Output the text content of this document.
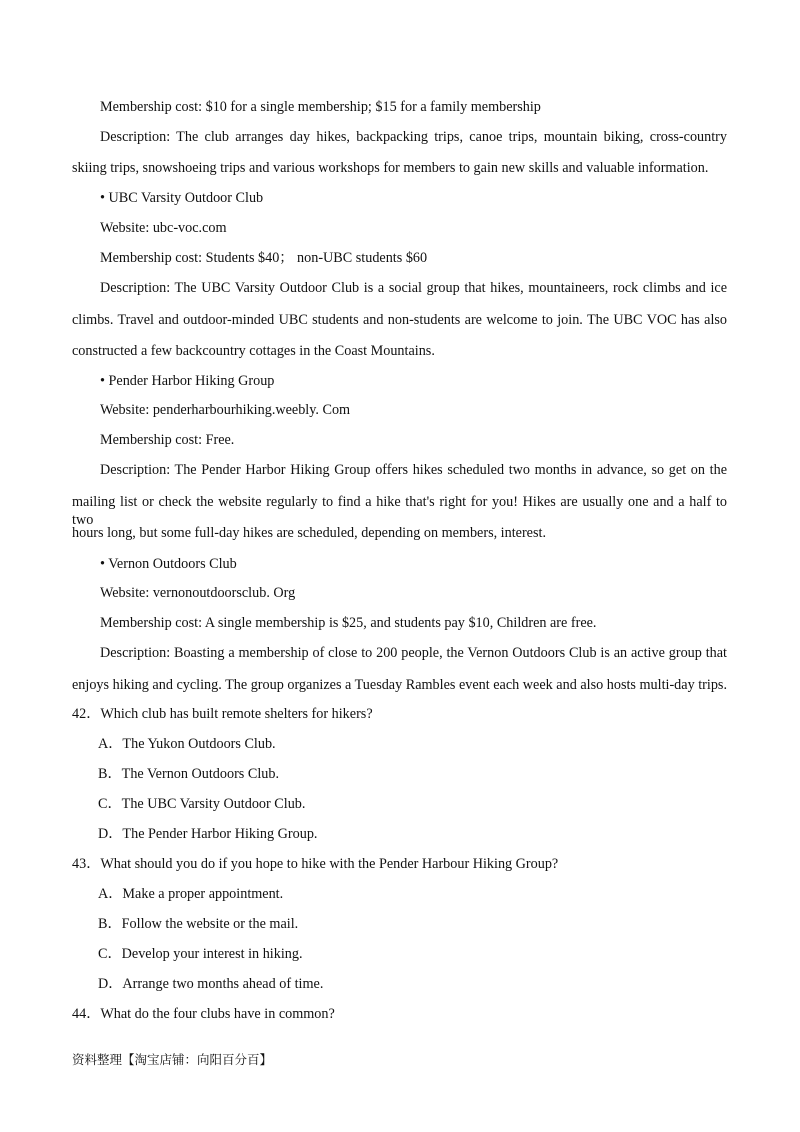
Membership cost: $10 for a single membership; $15 for a family membership
Description: The club arranges day hikes, backpacking trips, canoe trips, mountain biking, cross-country
skiing trips, snowshoeing trips and various workshops for members to gain new skills and valuable information.
• UBC Varsity Outdoor Club
Website: ubc-voc.com
Membership cost: Students $40； non-UBC students $60
Description: The UBC Varsity Outdoor Club is a social group that hikes, mountaineers, rock climbs and ice
climbs. Travel and outdoor-minded UBC students and non-students are welcome to join. The UBC VOC has also
constructed a few backcountry cottages in the Coast Mountains.
• Pender Harbor Hiking Group
Website: penderharbourhiking.weebly. Com
Membership cost: Free.
Description: The Pender Harbor Hiking Group offers hikes scheduled two months in advance, so get on the
mailing list or check the website regularly to find a hike that's right for you! Hikes are usually one and a half to two
hours long, but some full-day hikes are scheduled, depending on members, interest.
• Vernon Outdoors Club
Website: vernonoutdoorsclub. Org
Membership cost: A single membership is $25, and students pay $10, Children are free.
Description: Boasting a membership of close to 200 people, the Vernon Outdoors Club is an active group that
enjoys hiking and cycling. The group organizes a Tuesday Rambles event each week and also hosts multi-day trips.
42．Which club has built remote shelters for hikers?
A．The Yukon Outdoors Club.
B．The Vernon Outdoors Club.
C．The UBC Varsity Outdoor Club.
D．The Pender Harbor Hiking Group.
43．What should you do if you hope to hike with the Pender Harbour Hiking Group?
A．Make a proper appointment.
B．Follow the website or the mail.
C．Develop your interest in hiking.
D．Arrange two months ahead of time.
44．What do the four clubs have in common?
资料整理【淘宝店铺：向阳百分百】
